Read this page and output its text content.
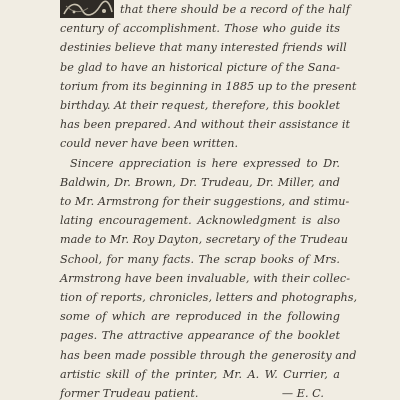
that there should be a record of the half
century of accomplishment. Those who guide its
destinies believe that many interested friends will
be glad to have an historical picture of the Sana-
torium from its beginning in 1885 up to the present
birthday. At their request, therefore, this booklet
has been prepared. And without their assistance it
could never have been written.

Sincere appreciation is here expressed to Dr.
Baldwin, Dr. Brown, Dr. Trudeau, Dr. Miller, and
to Mr. Armstrong for their suggestions, and stimu-
lating encouragement. Acknowledgment is also
made to Mr. Roy Dayton, secretary of the Trudeau
School, for many facts. The scrap books of Mrs.
Armstrong have been invaluable, with their collec-
tion of reports, chronicles, letters and photographs,
some of which are reproduced in the following
pages. The attractive appearance of the booklet
has been made possible through the generosity and
artistic skill of the printer, Mr. A. W. Currier, a
former Trudeau patient.	— E. C.
